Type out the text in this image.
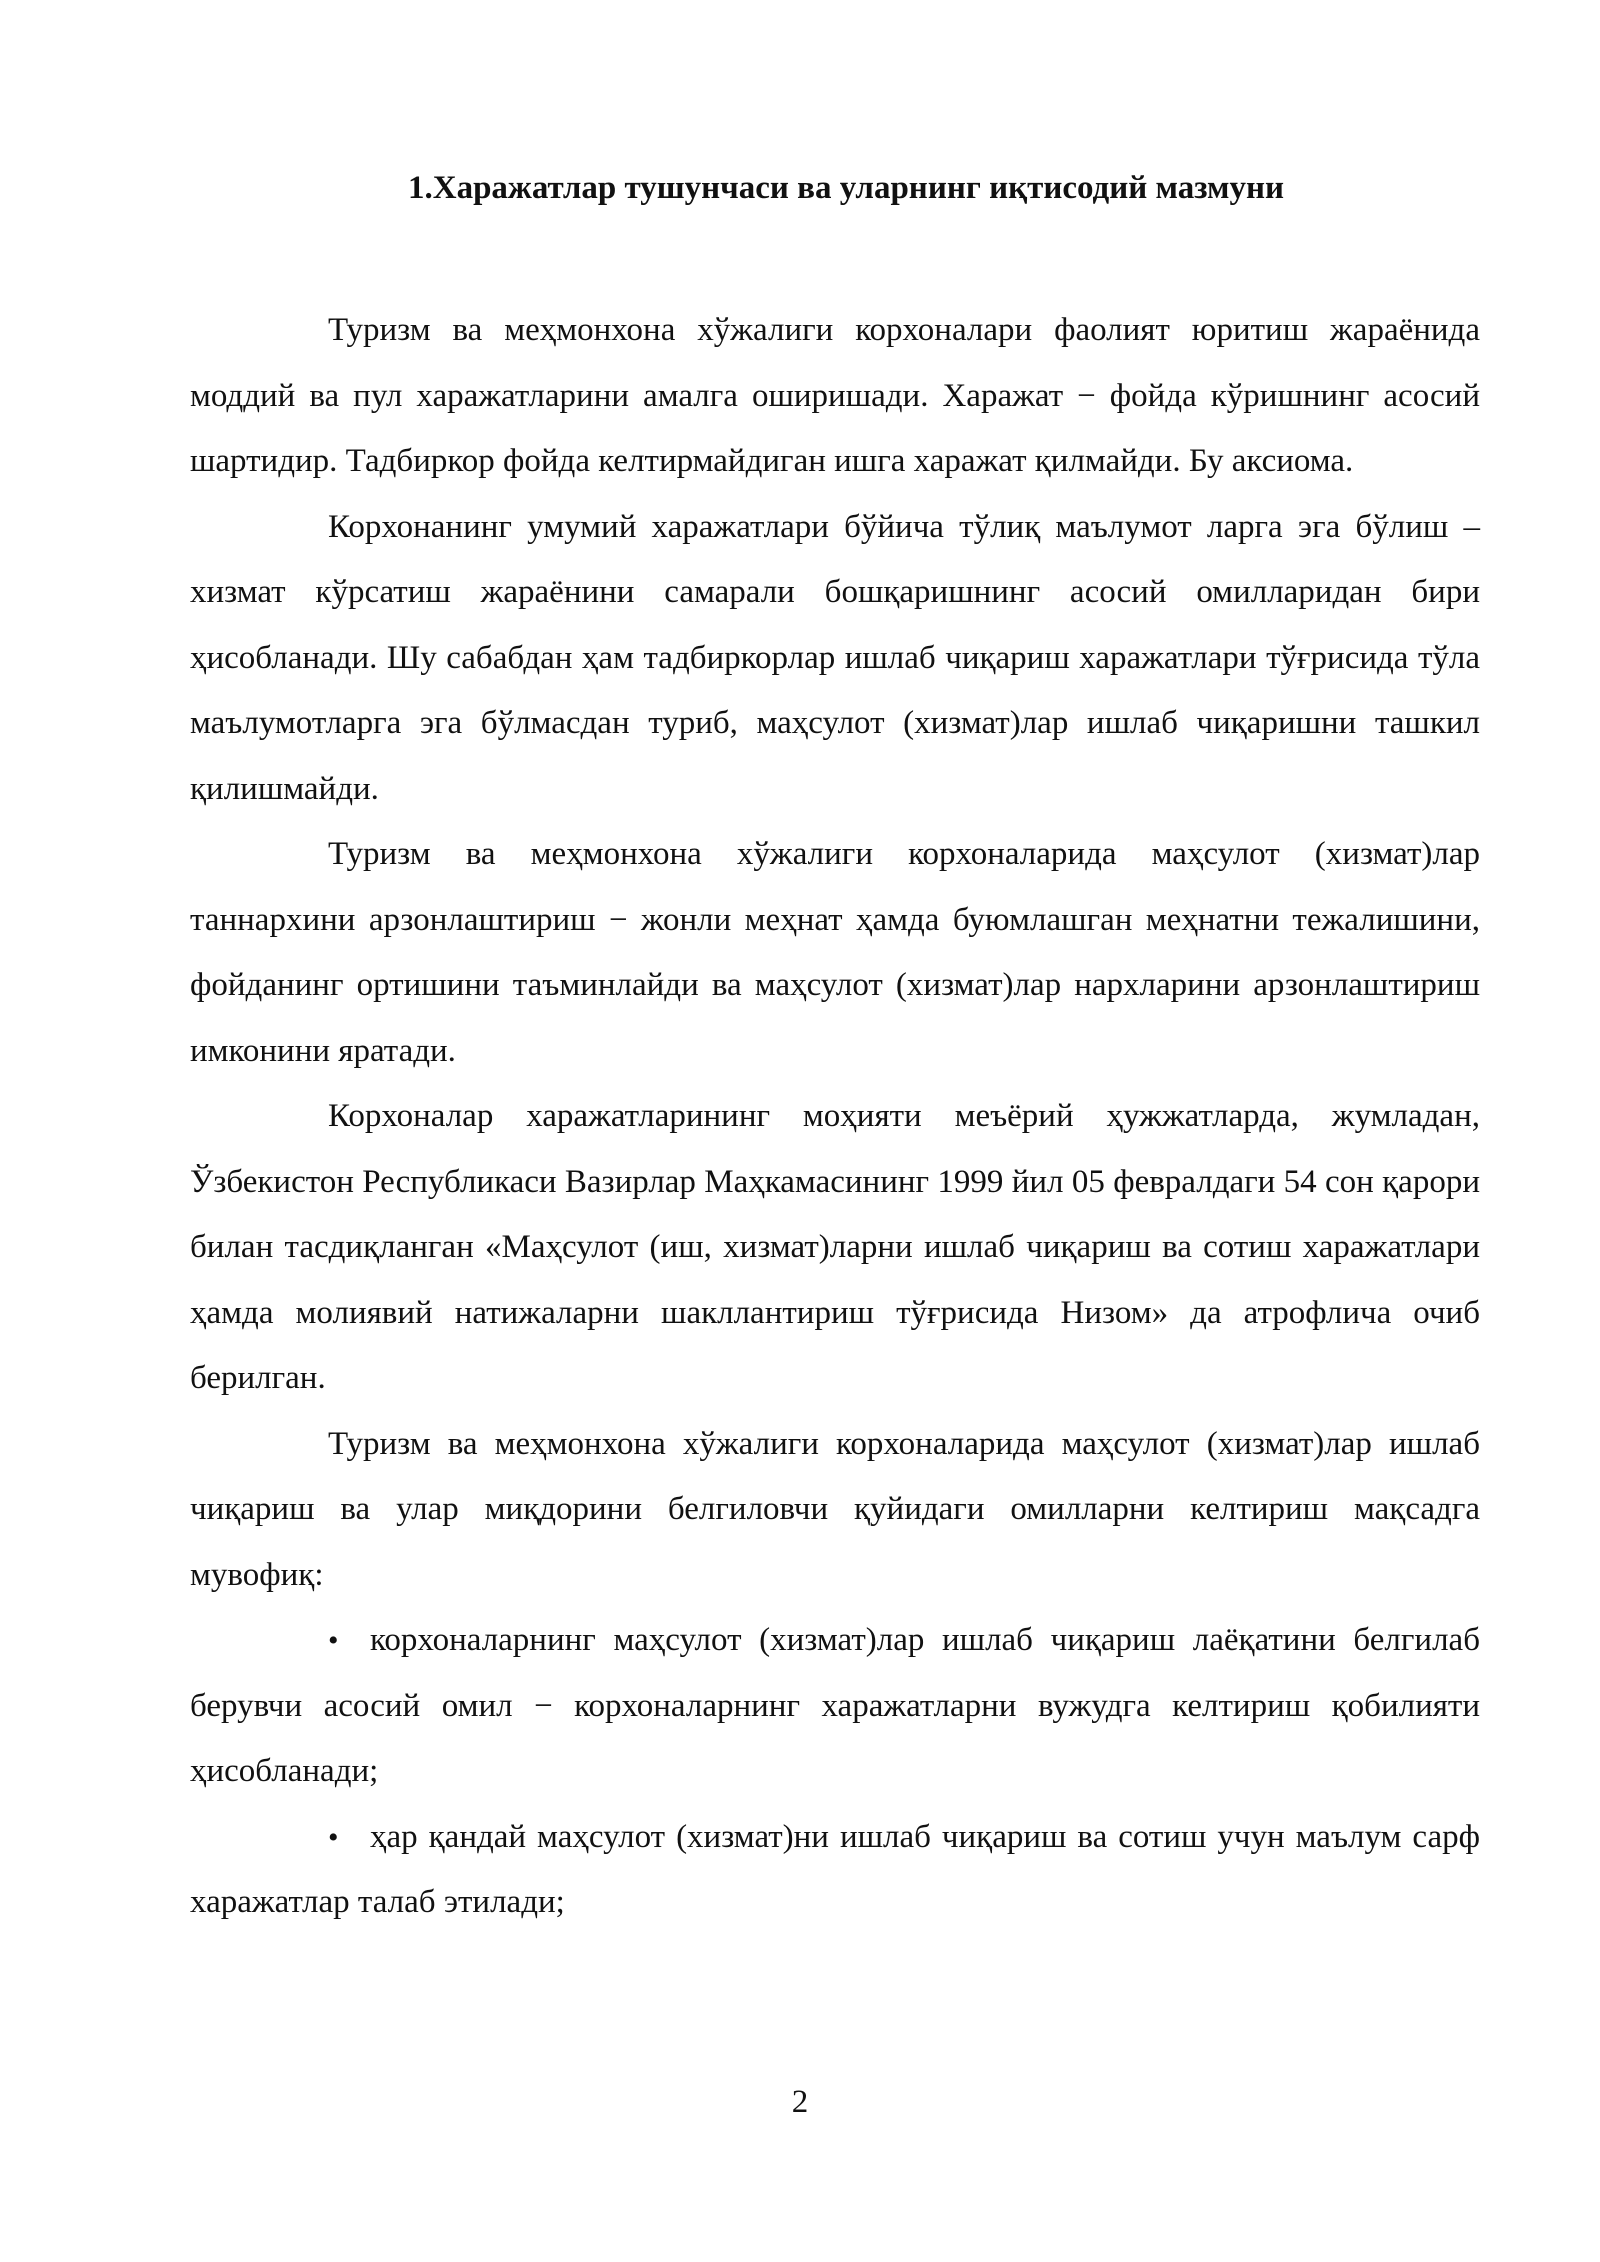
1.Харажатлар тушунчаси ва уларнинг иқтисодий мазмуни

Туризм ва меҳмонхона хўжалиги корхоналари фаолият юритиш жараёнида моддий ва пул харажатларини амалга оширишади. Харажат − фойда кўришнинг асосий шартидир. Тадбиркор фойда келтирмайдиган ишга харажат қилмайди. Бу аксиома.

Корхонанинг умумий харажатлари бўйича тўлиқ маълумот ларга эга бўлиш – хизмат кўрсатиш жараёнини самарали бошқаришнинг асосий омилларидан бири ҳисобланади. Шу сабабдан ҳам тадбиркорлар ишлаб чиқариш харажатлари тўғрисида тўла маълумотларга эга бўлмасдан туриб, маҳсулот (хизмат)лар ишлаб чиқаришни ташкил қилишмайди.

Туризм ва меҳмонхона хўжалиги корхоналарида маҳсулот (хизмат)лар таннархини арзонлаштириш − жонли меҳнат ҳамда буюмлашган меҳнатни тежалишини, фойданинг ортишини таъминлайди ва маҳсулот (хизмат)лар нархларини арзонлаштириш имконини яратади.

Корхоналар харажатларининг моҳияти меъёрий ҳужжатларда, жумладан, Ўзбекистон Республикаси Вазирлар Маҳкамасининг 1999 йил 05 февралдаги 54 сон қарори билан тасдиқланган «Маҳсулот (иш, хизмат)ларни ишлаб чиқариш ва сотиш харажатлари ҳамда молиявий натижаларни шакллантириш тўғрисида Низом» да атрофлича очиб берилган.

Туризм ва меҳмонхона хўжалиги корхоналарида маҳсулот (хизмат)лар ишлаб чиқариш ва улар миқдорини белгиловчи қуйидаги омилларни келтириш мақсадга мувофиқ:

• корхоналарнинг маҳсулот (хизмат)лар ишлаб чиқариш лаёқатини белгилаб берувчи асосий омил − корхоналарнинг харажатларни вужудга келтириш қобилияти ҳисобланади;
• ҳар қандай маҳсулот (хизмат)ни ишлаб чиқариш ва сотиш учун маълум сарф харажатлар талаб этилади;
2
